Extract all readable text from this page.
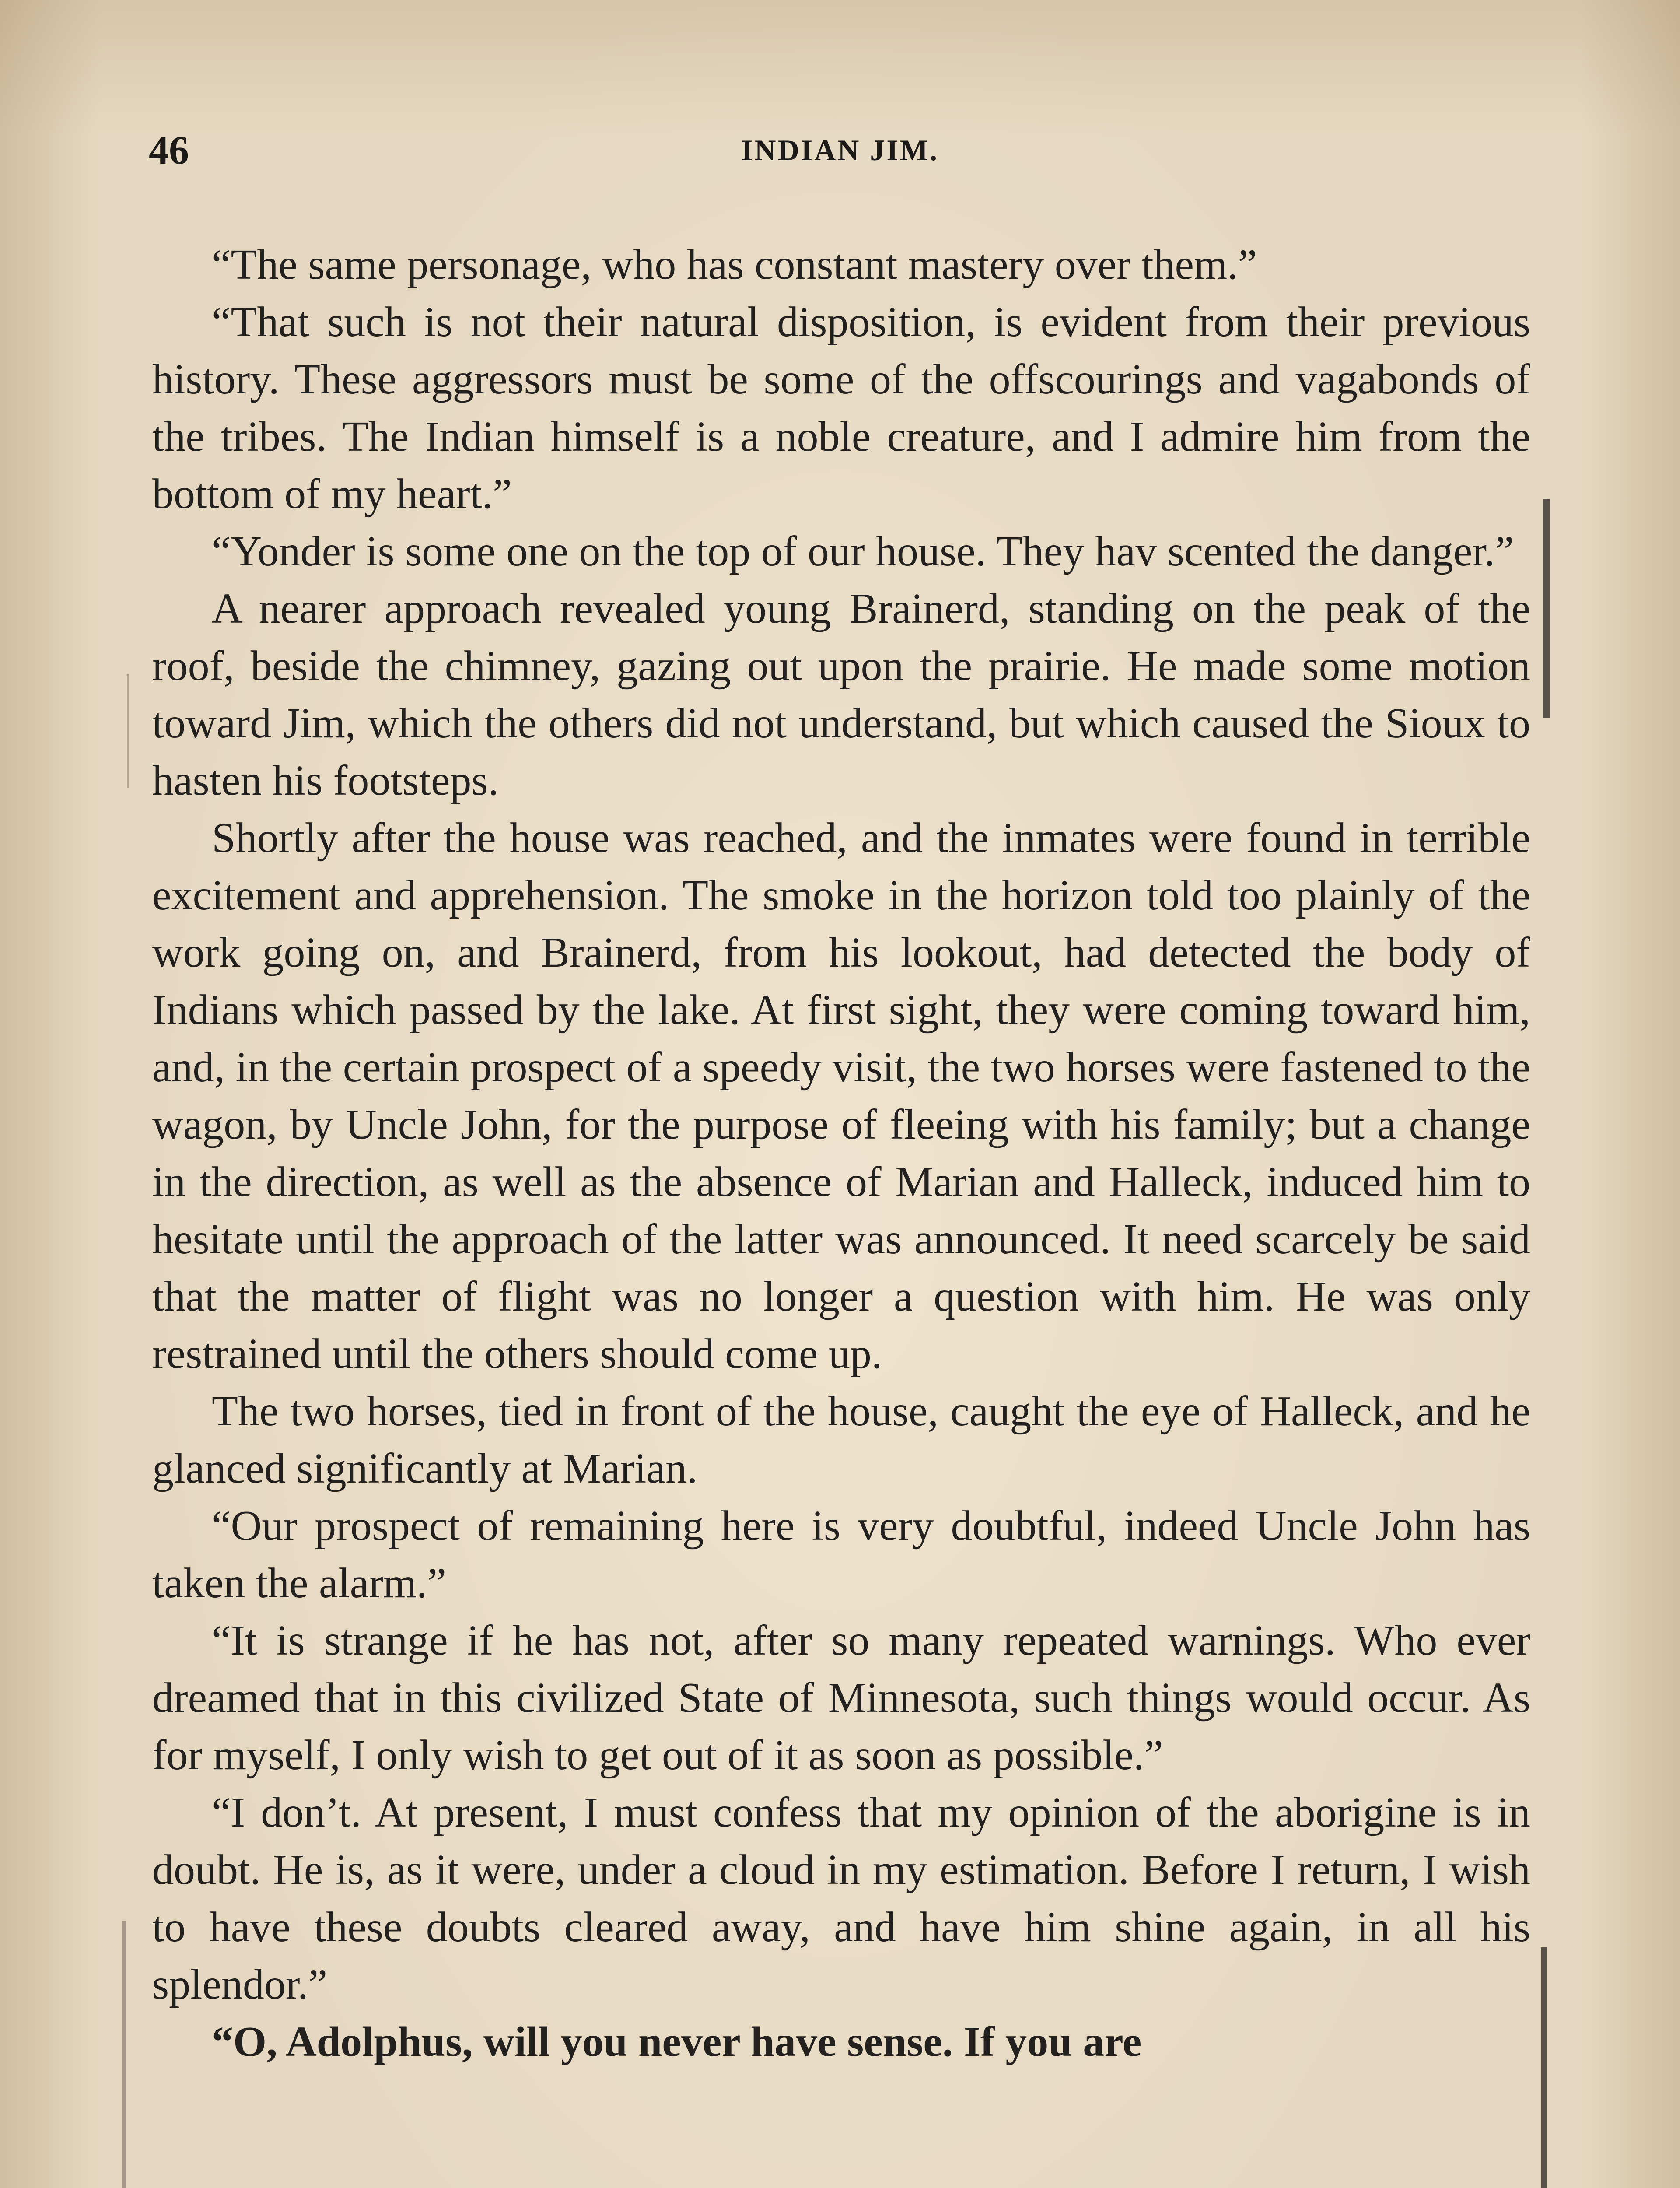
46	INDIAN JIM.

“The same personage, who has constant mastery over them.”

“That such is not their natural disposition, is evident from their previous history. These aggressors must be some of the offscourings and vagabonds of the tribes. The Indian himself is a noble creature, and I admire him from the bottom of my heart.”

“Yonder is some one on the top of our house. They hav scented the danger.”

A nearer approach revealed young Brainerd, standing on the peak of the roof, beside the chimney, gazing out upon the prairie. He made some motion toward Jim, which the others did not understand, but which caused the Sioux to hasten his footsteps.

Shortly after the house was reached, and the inmates were found in terrible excitement and apprehension. The smoke in the horizon told too plainly of the work going on, and Brainerd, from his lookout, had detected the body of Indians which passed by the lake. At first sight, they were coming toward him, and, in the certain prospect of a speedy visit, the two horses were fastened to the wagon, by Uncle John, for the purpose of fleeing with his family; but a change in the direction, as well as the absence of Marian and Halleck, induced him to hesitate until the approach of the latter was announced. It need scarcely be said that the matter of flight was no longer a question with him. He was only restrained until the others should come up.

The two horses, tied in front of the house, caught the eye of Halleck, and he glanced significantly at Marian.

“Our prospect of remaining here is very doubtful, indeed Uncle John has taken the alarm.”

“It is strange if he has not, after so many repeated warnings. Who ever dreamed that in this civilized State of Minnesota, such things would occur. As for myself, I only wish to get out of it as soon as possible.”

“I don’t. At present, I must confess that my opinion of the aborigine is in doubt. He is, as it were, under a cloud in my estimation. Before I return, I wish to have these doubts cleared away, and have him shine again, in all his splendor.”

“O, Adolphus, will you never have sense. If you are
